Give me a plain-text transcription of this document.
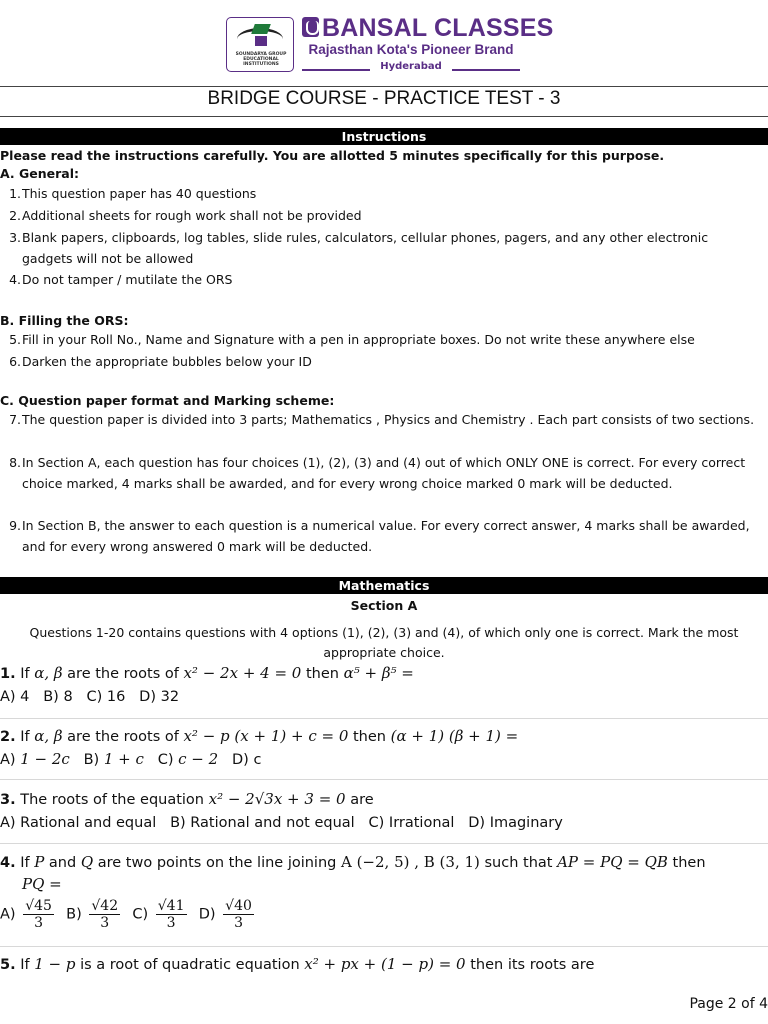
SOUNDARYA GROUP EDUCATIONAL INSTITUTIONS
BANSAL CLASSES
Rajasthan Kota's Pioneer Brand
Hyderabad
BRIDGE COURSE - PRACTICE TEST - 3
Instructions
Please read the instructions carefully. You are allotted 5 minutes specifically for this purpose.
A. General:
1. This question paper has 40 questions
2. Additional sheets for rough work shall not be provided
3. Blank papers, clipboards, log tables, slide rules, calculators, cellular phones, pagers, and any other electronic gadgets will not be allowed
4. Do not tamper / mutilate the ORS
B. Filling the ORS:
5. Fill in your Roll No., Name and Signature with a pen in appropriate boxes. Do not write these anywhere else
6. Darken the appropriate bubbles below your ID
C. Question paper format and Marking scheme:
7. The question paper is divided into 3 parts; Mathematics , Physics and Chemistry . Each part consists of two sections.
8. In Section A, each question has four choices (1), (2), (3) and (4) out of which ONLY ONE is correct. For every correct choice marked, 4 marks shall be awarded, and for every wrong choice marked 0 mark will be deducted.
9. In Section B, the answer to each question is a numerical value. For every correct answer, 4 marks shall be awarded, and for every wrong answered 0 mark will be deducted.
Mathematics
Section A
Questions 1-20 contains questions with 4 options (1), (2), (3) and (4), of which only one is correct. Mark the most appropriate choice.
1. If α, β are the roots of x² − 2x + 4 = 0 then α⁵ + β⁵ =
A) 4   B) 8   C) 16   D) 32
2. If α, β are the roots of x² − p (x + 1) + c = 0 then (α + 1) (β + 1) =
A) 1 − 2c B) 1 + c C) c − 2 D) c
3. The roots of the equation x² − 2√3x + 3 = 0 are
A) Rational and equal   B) Rational and not equal   C) Irrational   D) Imaginary
4. If P and Q are two points on the line joining A (−2, 5) , B (3, 1) such that AP = PQ = QB then
PQ =
$A) \frac{√45}{3} B) \frac{√42}{3} C) \frac{√41}{3} D) \frac{√40}{3}$
5. If 1 − p is a root of quadratic equation x² + px + (1 − p) = 0 then its roots are
Page 2 of 4
